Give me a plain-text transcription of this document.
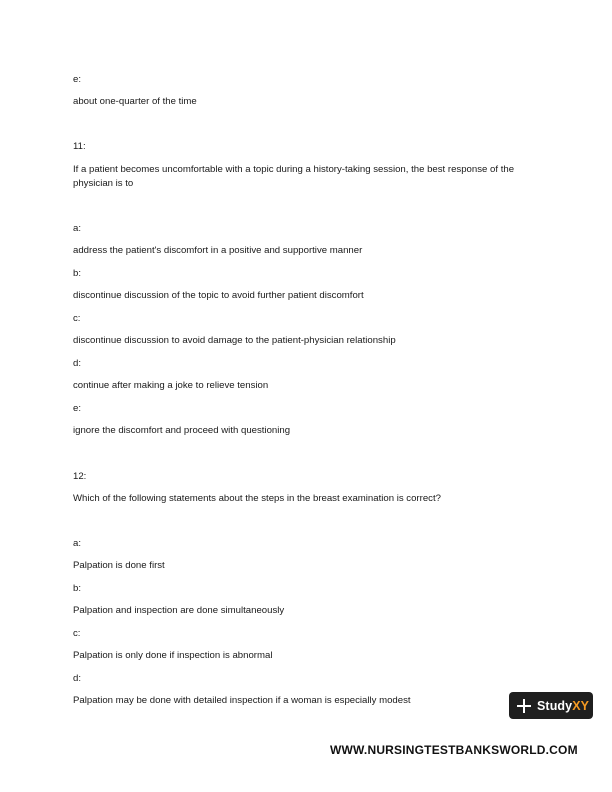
e:
about one-quarter of the time
11:
If a patient becomes uncomfortable with a topic during a history-taking session, the best response of the physician is to
a:
address the patient's discomfort in a positive and supportive manner
b:
discontinue discussion of the topic to avoid further patient discomfort
c:
discontinue discussion to avoid damage to the patient-physician relationship
d:
continue after making a joke to relieve tension
e:
ignore the discomfort and proceed with questioning
12:
Which of the following statements about the steps in the breast examination is correct?
a:
Palpation is done first
b:
Palpation and inspection are done simultaneously
c:
Palpation is only done if inspection is abnormal
d:
Palpation may be done with detailed inspection if a woman is especially modest	StudyXY
WWW.NURSINGTESTBANKSWORLD.COM
